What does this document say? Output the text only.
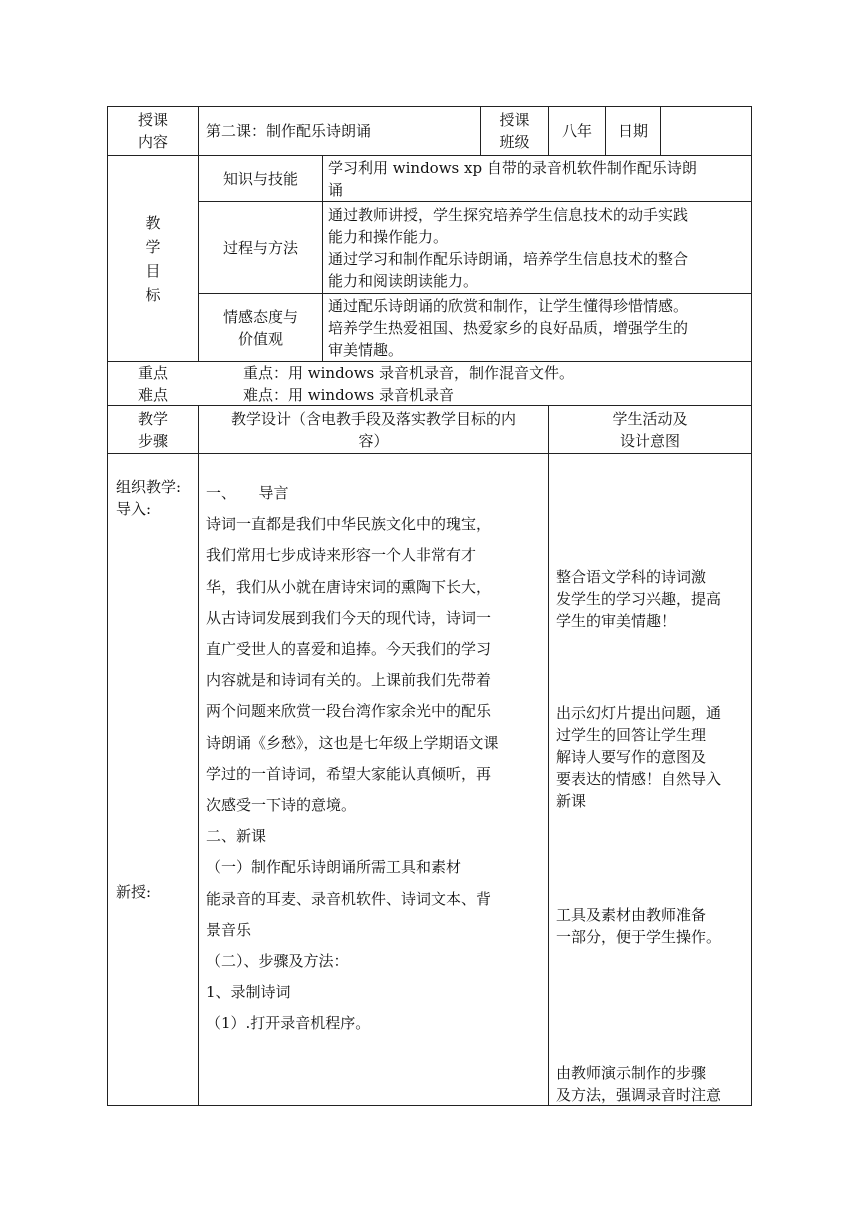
授课
内容
第二课：制作配乐诗朗诵
授课
班级
八年 日期
教
学
目
标
知识与技能
学习利用 windows xp 自带的录音机软件制作配乐诗朗
诵
过程与方法
通过教师讲授，学生探究培养学生信息技术的动手实践
能力和操作能力。
通过学习和制作配乐诗朗诵，培养学生信息技术的整合
能力和阅读朗读能力。
情感态度与
价值观
通过配乐诗朗诵的欣赏和制作，让学生懂得珍惜情感。
培养学生热爱祖国、热爱家乡的良好品质，增强学生的
审美情趣。
重点
难点
重点：用 windows 录音机录音，制作混音文件。
难点：用 windows 录音机录音
教学
步骤
教学设计（含电教手段及落实教学目标的内
容）
学生活动及
设计意图
组织教学:
导入:
新授:

一、　　导言

诗词一直都是我们中华民族文化中的瑰宝，

我们常用七步成诗来形容一个人非常有才

华，我们从小就在唐诗宋词的熏陶下长大，

从古诗词发展到我们今天的现代诗，诗词一

直广受世人的喜爱和追捧。今天我们的学习

内容就是和诗词有关的。上课前我们先带着

两个问题来欣赏一段台湾作家余光中的配乐

诗朗诵《乡愁》，这也是七年级上学期语文课

学过的一首诗词，希望大家能认真倾听，再

次感受一下诗的意境。

二、新课

（一）制作配乐诗朗诵所需工具和素材

能录音的耳麦、录音机软件、诗词文本、背

景音乐

（二）、步骤及方法：

1、录制诗词

（1）.打开录音机程序。

整合语文学科的诗词激
发学生的学习兴趣，提高
学生的审美情趣！
出示幻灯片提出问题，通
过学生的回答让学生理
解诗人要写作的意图及
要表达的情感！自然导入
新课
工具及素材由教师准备
一部分，便于学生操作。
由教师演示制作的步骤
及方法，强调录音时注意
